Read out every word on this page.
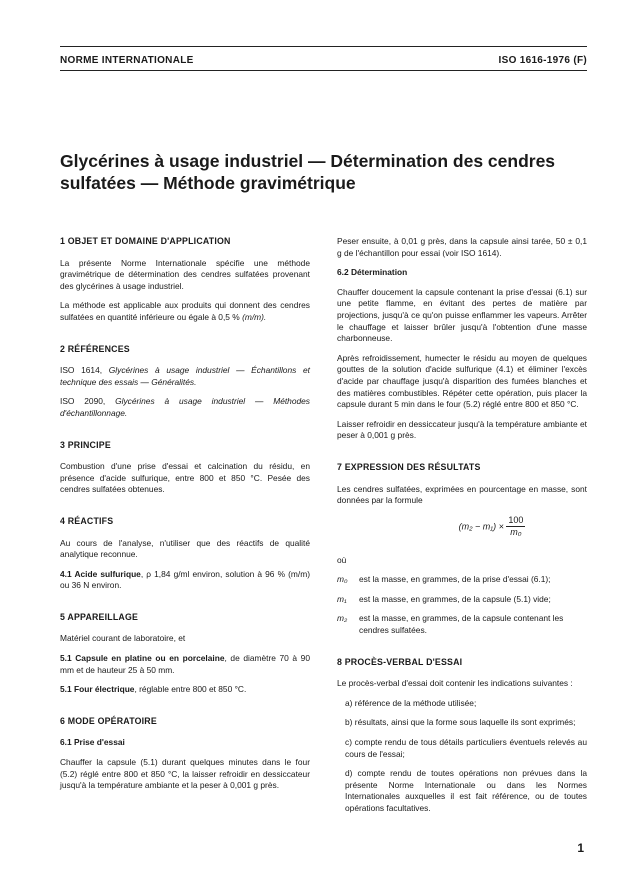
NORME INTERNATIONALE	ISO 1616-1976 (F)
Glycérines à usage industriel — Détermination des cendres
sulfatées — Méthode gravimétrique
1 OBJET ET DOMAINE D'APPLICATION

La présente Norme Internationale spécifie une méthode gravimétrique de détermination des cendres sulfatées provenant des glycérines à usage industriel.

La méthode est applicable aux produits qui donnent des cendres sulfatées en quantité inférieure ou égale à 0,5 % (m/m).

2 RÉFÉRENCES

ISO 1614, Glycérines à usage industriel — Échantillons et technique des essais — Généralités.

ISO 2090, Glycérines à usage industriel — Méthodes d'échantillonnage.

3 PRINCIPE

Combustion d'une prise d'essai et calcination du résidu, en présence d'acide sulfurique, entre 800 et 850 °C. Pesée des cendres sulfatées obtenues.

4 RÉACTIFS

Au cours de l'analyse, n'utiliser que des réactifs de qualité analytique reconnue.

4.1 Acide sulfurique, ρ 1,84 g/ml environ, solution à 96 % (m/m) ou 36 N environ.

5 APPAREILLAGE

Matériel courant de laboratoire, et

5.1 Capsule en platine ou en porcelaine, de diamètre 70 à 90 mm et de hauteur 25 à 50 mm.

5.1 Four électrique, réglable entre 800 et 850 °C.

6 MODE OPÉRATOIRE
6.1 Prise d'essai

Chauffer la capsule (5.1) durant quelques minutes dans le four (5.2) réglé entre 800 et 850 °C, la laisser refroidir en dessiccateur jusqu'à la température ambiante et la peser à 0,001 g près.

Peser ensuite, à 0,01 g près, dans la capsule ainsi tarée, 50 ± 0,1 g de l'échantillon pour essai (voir ISO 1614).

6.2 Détermination

Chauffer doucement la capsule contenant la prise d'essai (6.1) sur une petite flamme, en évitant des pertes de matière par projections, jusqu'à ce qu'on puisse enflammer les vapeurs. Arrêter le chauffage et laisser brûler jusqu'à l'obtention d'une masse charbonneuse.

Après refroidissement, humecter le résidu au moyen de quelques gouttes de la solution d'acide sulfurique (4.1) et éliminer l'excès d'acide par chauffage jusqu'à disparition des fumées blanches et des matières combustibles. Répéter cette opération, puis placer la capsule durant 5 min dans le four (5.2) réglé entre 800 et 850 °C.

Laisser refroidir en dessiccateur jusqu'à la température ambiante et peser à 0,001 g près.

7 EXPRESSION DES RÉSULTATS

Les cendres sulfatées, exprimées en pourcentage en masse, sont données par la formule

$(m_2 - m_1) \times \frac{100}{\text{m₀}}$

où

m₀	est la masse, en grammes, de la prise d'essai (6.1);
m₁	est la masse, en grammes, de la capsule (5.1) vide;
m₂	est la masse, en grammes, de la capsule contenant les cendres sulfatées.
8 PROCÈS-VERBAL D'ESSAI

Le procès-verbal d'essai doit contenir les indications suivantes :

a) référence de la méthode utilisée;

b) résultats, ainsi que la forme sous laquelle ils sont exprimés;

c) compte rendu de tous détails particuliers éventuels relevés au cours de l'essai;

d) compte rendu de toutes opérations non prévues dans la présente Norme Internationale ou dans les Normes Internationales auxquelles il est fait référence, ou de toutes opérations facultatives.

1
